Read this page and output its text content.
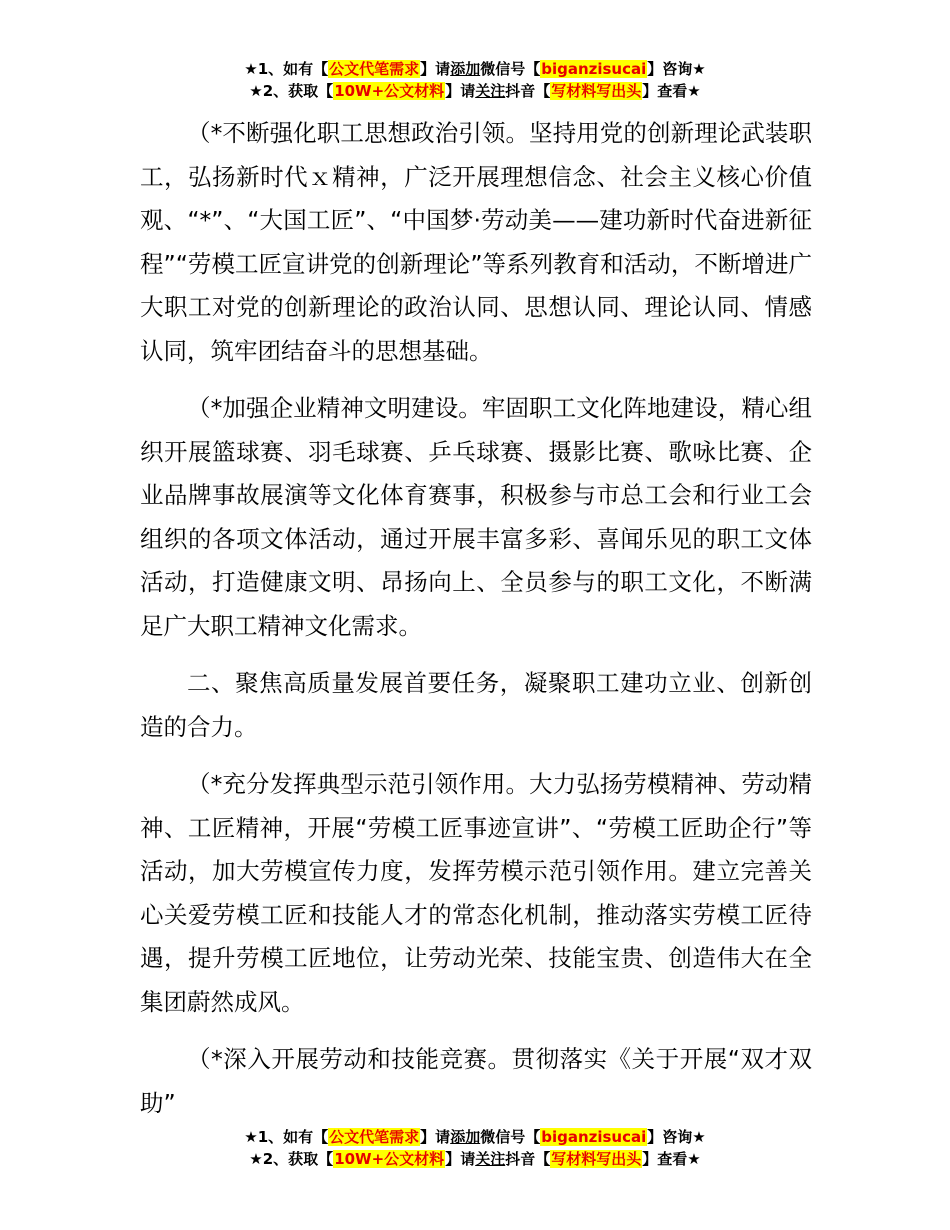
★1、如有【公文代笔需求】请添加微信号【biganzisucai】咨询★
★2、获取【10W+公文材料】请关注抖音【写材料写出头】查看★

（*不断强化职工思想政治引领。坚持用党的创新理论武装职工，弘扬新时代ｘ精神，广泛开展理想信念、社会主义核心价值观、“*”、“大国工匠”、“中国梦·劳动美——建功新时代奋进新征程”“劳模工匠宣讲党的创新理论”等系列教育和活动，不断增进广大职工对党的创新理论的政治认同、思想认同、理论认同、情感认同，筑牢团结奋斗的思想基础。

（*加强企业精神文明建设。牢固职工文化阵地建设，精心组织开展篮球赛、羽毛球赛、乒乓球赛、摄影比赛、歌咏比赛、企业品牌事故展演等文化体育赛事，积极参与市总工会和行业工会组织的各项文体活动，通过开展丰富多彩、喜闻乐见的职工文体活动，打造健康文明、昂扬向上、全员参与的职工文化，不断满足广大职工精神文化需求。

二、聚焦高质量发展首要任务，凝聚职工建功立业、创新创造的合力。

（*充分发挥典型示范引领作用。大力弘扬劳模精神、劳动精神、工匠精神，开展“劳模工匠事迹宣讲”、“劳模工匠助企行”等活动，加大劳模宣传力度，发挥劳模示范引领作用。建立完善关心关爱劳模工匠和技能人才的常态化机制，推动落实劳模工匠待遇，提升劳模工匠地位，让劳动光荣、技能宝贵、创造伟大在全集团蔚然成风。

（*深入开展劳动和技能竞赛。贯彻落实《关于开展“双才双助”

★1、如有【公文代笔需求】请添加微信号【biganzisucai】咨询★
★2、获取【10W+公文材料】请关注抖音【写材料写出头】查看★
